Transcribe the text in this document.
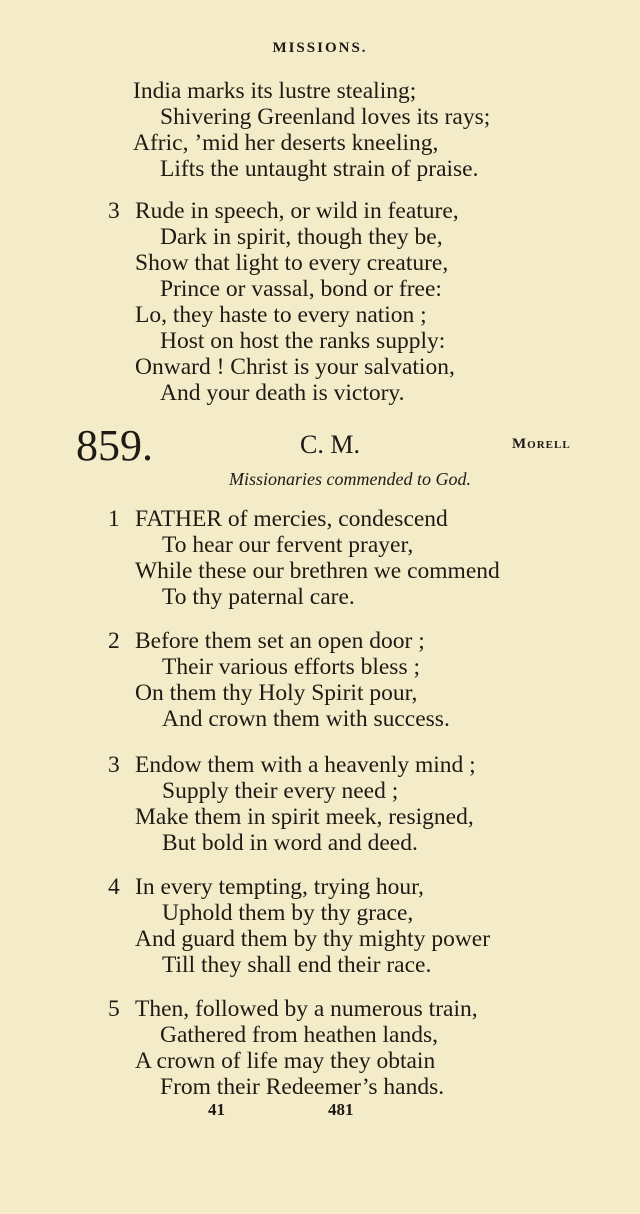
MISSIONS.
India marks its lustre stealing;
Shivering Greenland loves its rays;
Afric, ’mid her deserts kneeling,
Lifts the untaught strain of praise.
3 Rude in speech, or wild in feature,
Dark in spirit, though they be,
Show that light to every creature,
Prince or vassal, bond or free:
Lo, they haste to every nation ;
Host on host the ranks supply:
Onward ! Christ is your salvation,
And your death is victory.
859.	C. M.	Morell
Missionaries commended to God.
1 FATHER of mercies, condescend
To hear our fervent prayer,
While these our brethren we commend
To thy paternal care.
2 Before them set an open door ;
Their various efforts bless ;
On them thy Holy Spirit pour,
And crown them with success.
3 Endow them with a heavenly mind ;
Supply their every need ;
Make them in spirit meek, resigned,
But bold in word and deed.
4 In every tempting, trying hour,
Uphold them by thy grace,
And guard them by thy mighty power
Till they shall end their race.
5 Then, followed by a numerous train,
Gathered from heathen lands,
A crown of life may they obtain
From their Redeemer’s hands.
41	481
